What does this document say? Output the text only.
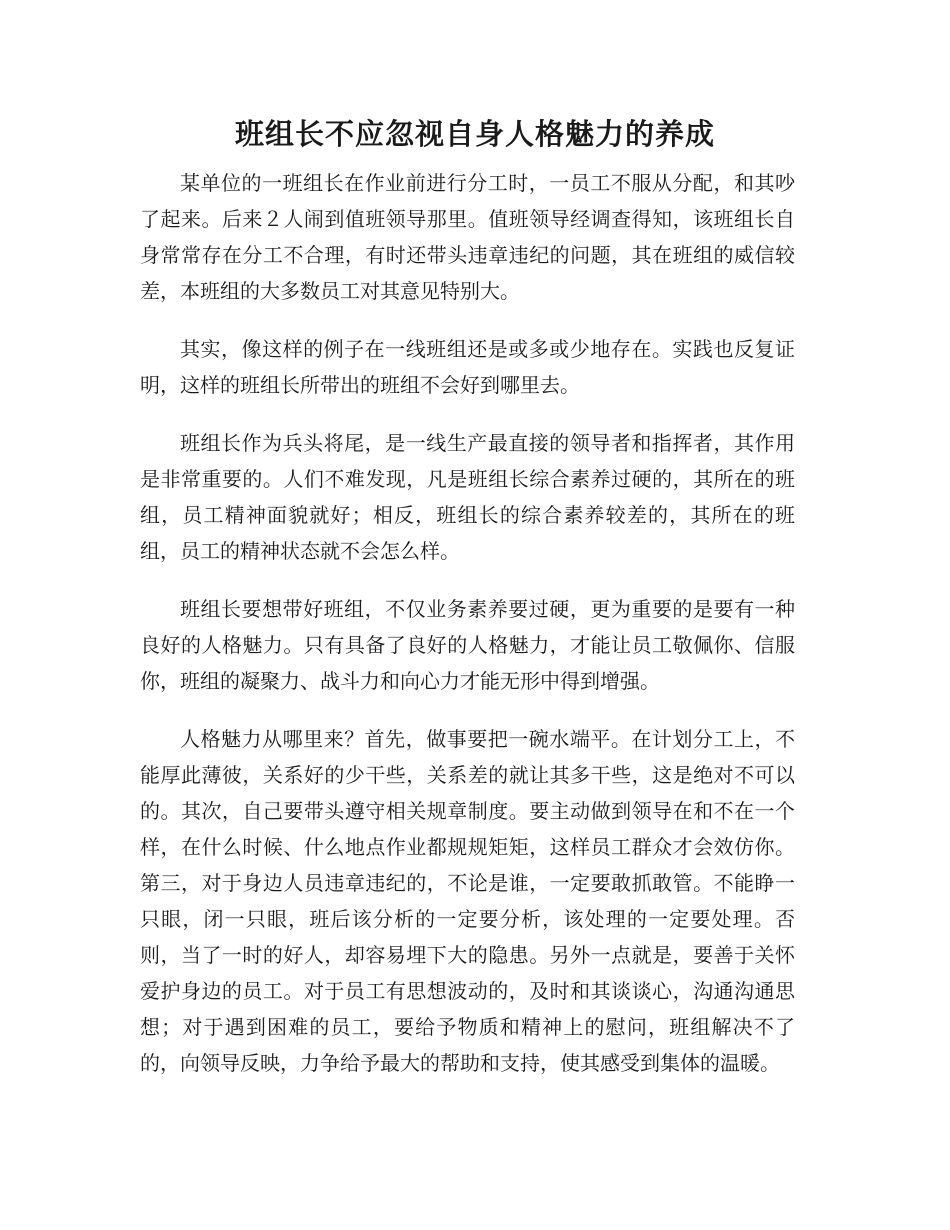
班组长不应忽视自身人格魅力的养成

某单位的一班组长在作业前进行分工时，一员工不服从分配，和其吵了起来。后来２人闹到值班领导那里。值班领导经调查得知，该班组长自身常常存在分工不合理，有时还带头违章违纪的问题，其在班组的威信较差，本班组的大多数员工对其意见特别大。

其实，像这样的例子在一线班组还是或多或少地存在。实践也反复证明，这样的班组长所带出的班组不会好到哪里去。

班组长作为兵头将尾，是一线生产最直接的领导者和指挥者，其作用是非常重要的。人们不难发现，凡是班组长综合素养过硬的，其所在的班组，员工精神面貌就好；相反，班组长的综合素养较差的，其所在的班组，员工的精神状态就不会怎么样。

班组长要想带好班组，不仅业务素养要过硬，更为重要的是要有一种良好的人格魅力。只有具备了良好的人格魅力，才能让员工敬佩你、信服你，班组的凝聚力、战斗力和向心力才能无形中得到增强。

人格魅力从哪里来？首先，做事要把一碗水端平。在计划分工上，不能厚此薄彼，关系好的少干些，关系差的就让其多干些，这是绝对不可以的。其次，自己要带头遵守相关规章制度。要主动做到领导在和不在一个样，在什么时候、什么地点作业都规规矩矩，这样员工群众才会效仿你。第三，对于身边人员违章违纪的，不论是谁，一定要敢抓敢管。不能睁一只眼，闭一只眼，班后该分析的一定要分析，该处理的一定要处理。否则，当了一时的好人，却容易埋下大的隐患。另外一点就是，要善于关怀爱护身边的员工。对于员工有思想波动的，及时和其谈谈心，沟通沟通思想；对于遇到困难的员工，要给予物质和精神上的慰问，班组解决不了的，向领导反映，力争给予最大的帮助和支持，使其感受到集体的温暖。
